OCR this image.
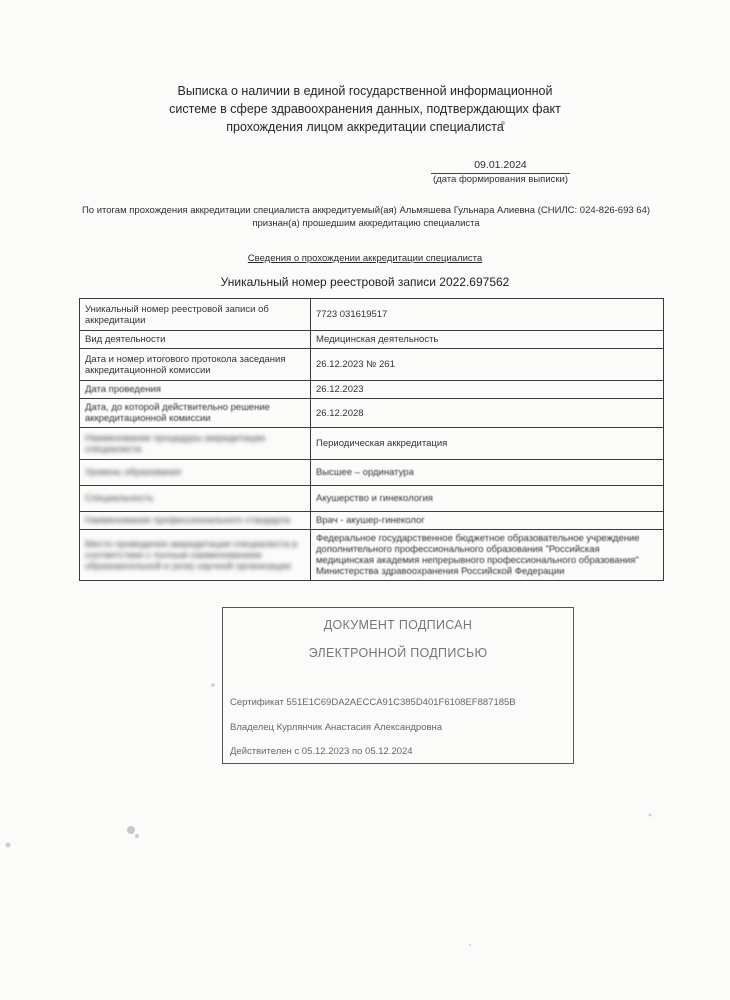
Выписка о наличии в единой государственной информационной
системе в сфере здравоохранения данных, подтверждающих факт
прохождения лицом аккредитации специалиста
09.01.2024
(дата формирования выписки)
По итогам прохождения аккредитации специалиста аккредитуемый(ая) Альмяшева Гульнара Алиевна (СНИЛС: 024-826-693 64)
признан(а) прошедшим аккредитацию специалиста
Сведения о прохождении аккредитации специалиста
Уникальный номер реестровой записи 2022.697562
Уникальный номер реестровой записи об аккредитации	7723 031619517
Вид деятельности	Медицинская деятельность
Дата и номер итогового протокола заседания аккредитационной комиссии	26.12.2023 № 261
Дата проведения	26.12.2023
Дата, до которой действительно решение аккредитационной комиссии	26.12.2028
Наименование процедуры аккредитации специалиста	Периодическая аккредитация
Уровень образования	Высшее – ординатура
Специальность	Акушерство и гинекология
Наименование профессионального стандарта	Врач - акушер-гинеколог
Место проведения аккредитации специалиста в соответствии с полным наименованием образовательной и (или) научной организации	Федеральное государственное бюджетное образовательное учреждение дополнительного профессионального образования "Российская медицинская академия непрерывного профессионального образования" Министерства здравоохранения Российской Федерации
ДОКУМЕНТ ПОДПИСАН
ЭЛЕКТРОННОЙ ПОДПИСЬЮ
Сертификат 551E1C69DA2AECCA91C385D401F6108EF887185B
Владелец Курлянчик Анастасия Александровна
Действителен с 05.12.2023 по 05.12.2024
